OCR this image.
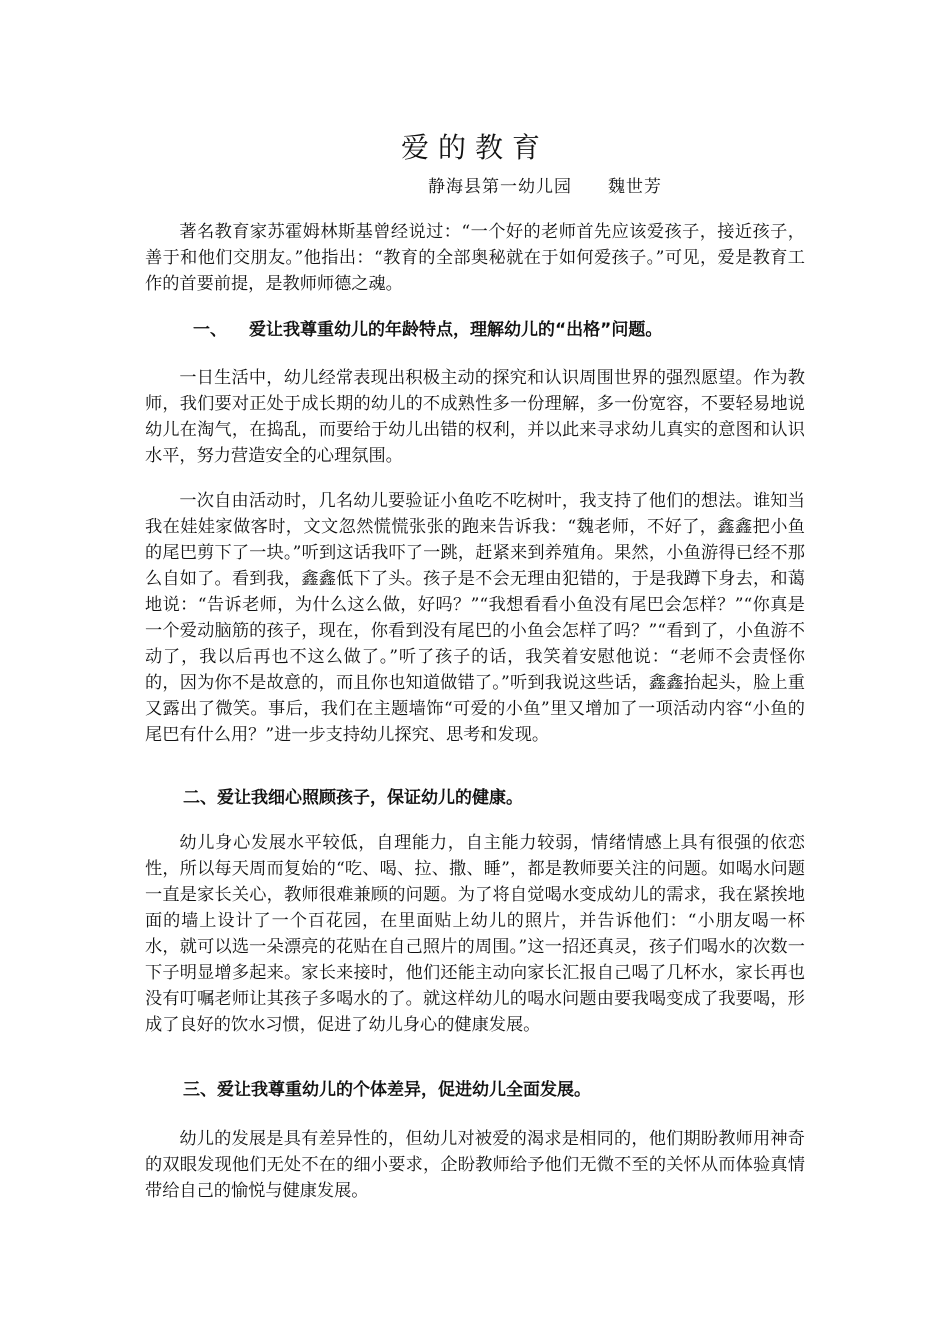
爱的教育
静海县第一幼儿园 魏世芳

著名教育家苏霍姆林斯基曾经说过：“一个好的老师首先应该爱孩子，接近孩子，善于和他们交朋友。”他指出：“教育的全部奥秘就在于如何爱孩子。”可见，爱是教育工作的首要前提，是教师师德之魂。

一、 爱让我尊重幼儿的年龄特点，理解幼儿的“出格”问题。

一日生活中，幼儿经常表现出积极主动的探究和认识周围世界的强烈愿望。作为教师，我们要对正处于成长期的幼儿的不成熟性多一份理解，多一份宽容，不要轻易地说幼儿在淘气，在捣乱，而要给于幼儿出错的权利，并以此来寻求幼儿真实的意图和认识水平，努力营造安全的心理氛围。

一次自由活动时，几名幼儿要验证小鱼吃不吃树叶，我支持了他们的想法。谁知当我在娃娃家做客时，文文忽然慌慌张张的跑来告诉我：“魏老师，不好了，鑫鑫把小鱼的尾巴剪下了一块。”听到这话我吓了一跳，赶紧来到养殖角。果然，小鱼游得已经不那么自如了。看到我，鑫鑫低下了头。孩子是不会无理由犯错的，于是我蹲下身去，和蔼地说：“告诉老师，为什么这么做，好吗？”“我想看看小鱼没有尾巴会怎样？”“你真是一个爱动脑筋的孩子，现在，你看到没有尾巴的小鱼会怎样了吗？”“看到了，小鱼游不动了，我以后再也不这么做了。”听了孩子的话，我笑着安慰他说：“老师不会责怪你的，因为你不是故意的，而且你也知道做错了。”听到我说这些话，鑫鑫抬起头，脸上重又露出了微笑。事后，我们在主题墙饰“可爱的小鱼”里又增加了一项活动内容“小鱼的尾巴有什么用？”进一步支持幼儿探究、思考和发现。

二、爱让我细心照顾孩子，保证幼儿的健康。

幼儿身心发展水平较低，自理能力，自主能力较弱，情绪情感上具有很强的依恋性，所以每天周而复始的“吃、喝、拉、撒、睡”，都是教师要关注的问题。如喝水问题一直是家长关心，教师很难兼顾的问题。为了将自觉喝水变成幼儿的需求，我在紧挨地面的墙上设计了一个百花园，在里面贴上幼儿的照片，并告诉他们：“小朋友喝一杯水，就可以选一朵漂亮的花贴在自己照片的周围。”这一招还真灵，孩子们喝水的次数一下子明显增多起来。家长来接时，他们还能主动向家长汇报自己喝了几杯水，家长再也没有叮嘱老师让其孩子多喝水的了。就这样幼儿的喝水问题由要我喝变成了我要喝，形成了良好的饮水习惯，促进了幼儿身心的健康发展。

三、爱让我尊重幼儿的个体差异，促进幼儿全面发展。

幼儿的发展是具有差异性的，但幼儿对被爱的渴求是相同的，他们期盼教师用神奇的双眼发现他们无处不在的细小要求，企盼教师给予他们无微不至的关怀从而体验真情带给自己的愉悦与健康发展。
